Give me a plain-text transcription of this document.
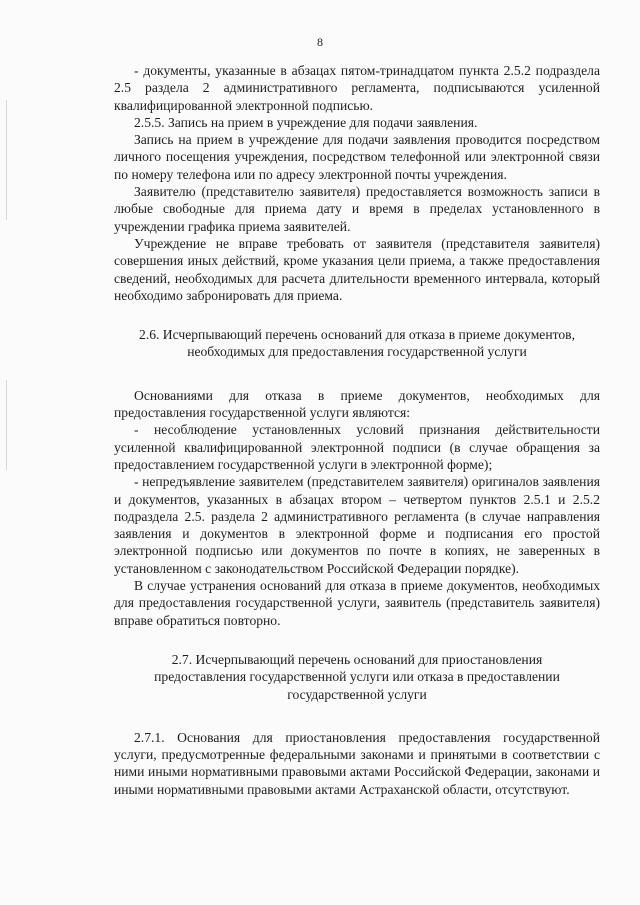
8

- документы, указанные в абзацах пятом-тринадцатом пункта 2.5.2 подраздела 2.5 раздела 2 административного регламента, подписываются усиленной квалифицированной электронной подписью.

2.5.5. Запись на прием в учреждение для подачи заявления.

Запись на прием в учреждение для подачи заявления проводится посредством личного посещения учреждения, посредством телефонной или электронной связи по номеру телефона или по адресу электронной почты учреждения.

Заявителю (представителю заявителя) предоставляется возможность записи в любые свободные для приема дату и время в пределах установленного в учреждении графика приема заявителей.

Учреждение не вправе требовать от заявителя (представителя заявителя) совершения иных действий, кроме указания цели приема, а также предоставления сведений, необходимых для расчета длительности временного интервала, который необходимо забронировать для приема.

2.6. Исчерпывающий перечень оснований для отказа в приеме документов, необходимых для предоставления государственной услуги

Основаниями для отказа в приеме документов, необходимых для предоставления государственной услуги являются:

- несоблюдение установленных условий признания действительности усиленной квалифицированной электронной подписи (в случае обращения за предоставлением государственной услуги в электронной форме);

- непредъявление заявителем (представителем заявителя) оригиналов заявления и документов, указанных в абзацах втором – четвертом пунктов 2.5.1 и 2.5.2 подраздела 2.5. раздела 2 административного регламента (в случае направления заявления и документов в электронной форме и подписания его простой электронной подписью или документов по почте в копиях, не заверенных в установленном с законодательством Российской Федерации порядке).

В случае устранения оснований для отказа в приеме документов, необходимых для предоставления государственной услуги, заявитель (представитель заявителя) вправе обратиться повторно.

2.7. Исчерпывающий перечень оснований для приостановления предоставления государственной услуги или отказа в предоставлении государственной услуги

2.7.1. Основания для приостановления предоставления государственной услуги, предусмотренные федеральными законами и принятыми в соответствии с ними иными нормативными правовыми актами Российской Федерации, законами и иными нормативными правовыми актами Астраханской области, отсутствуют.
